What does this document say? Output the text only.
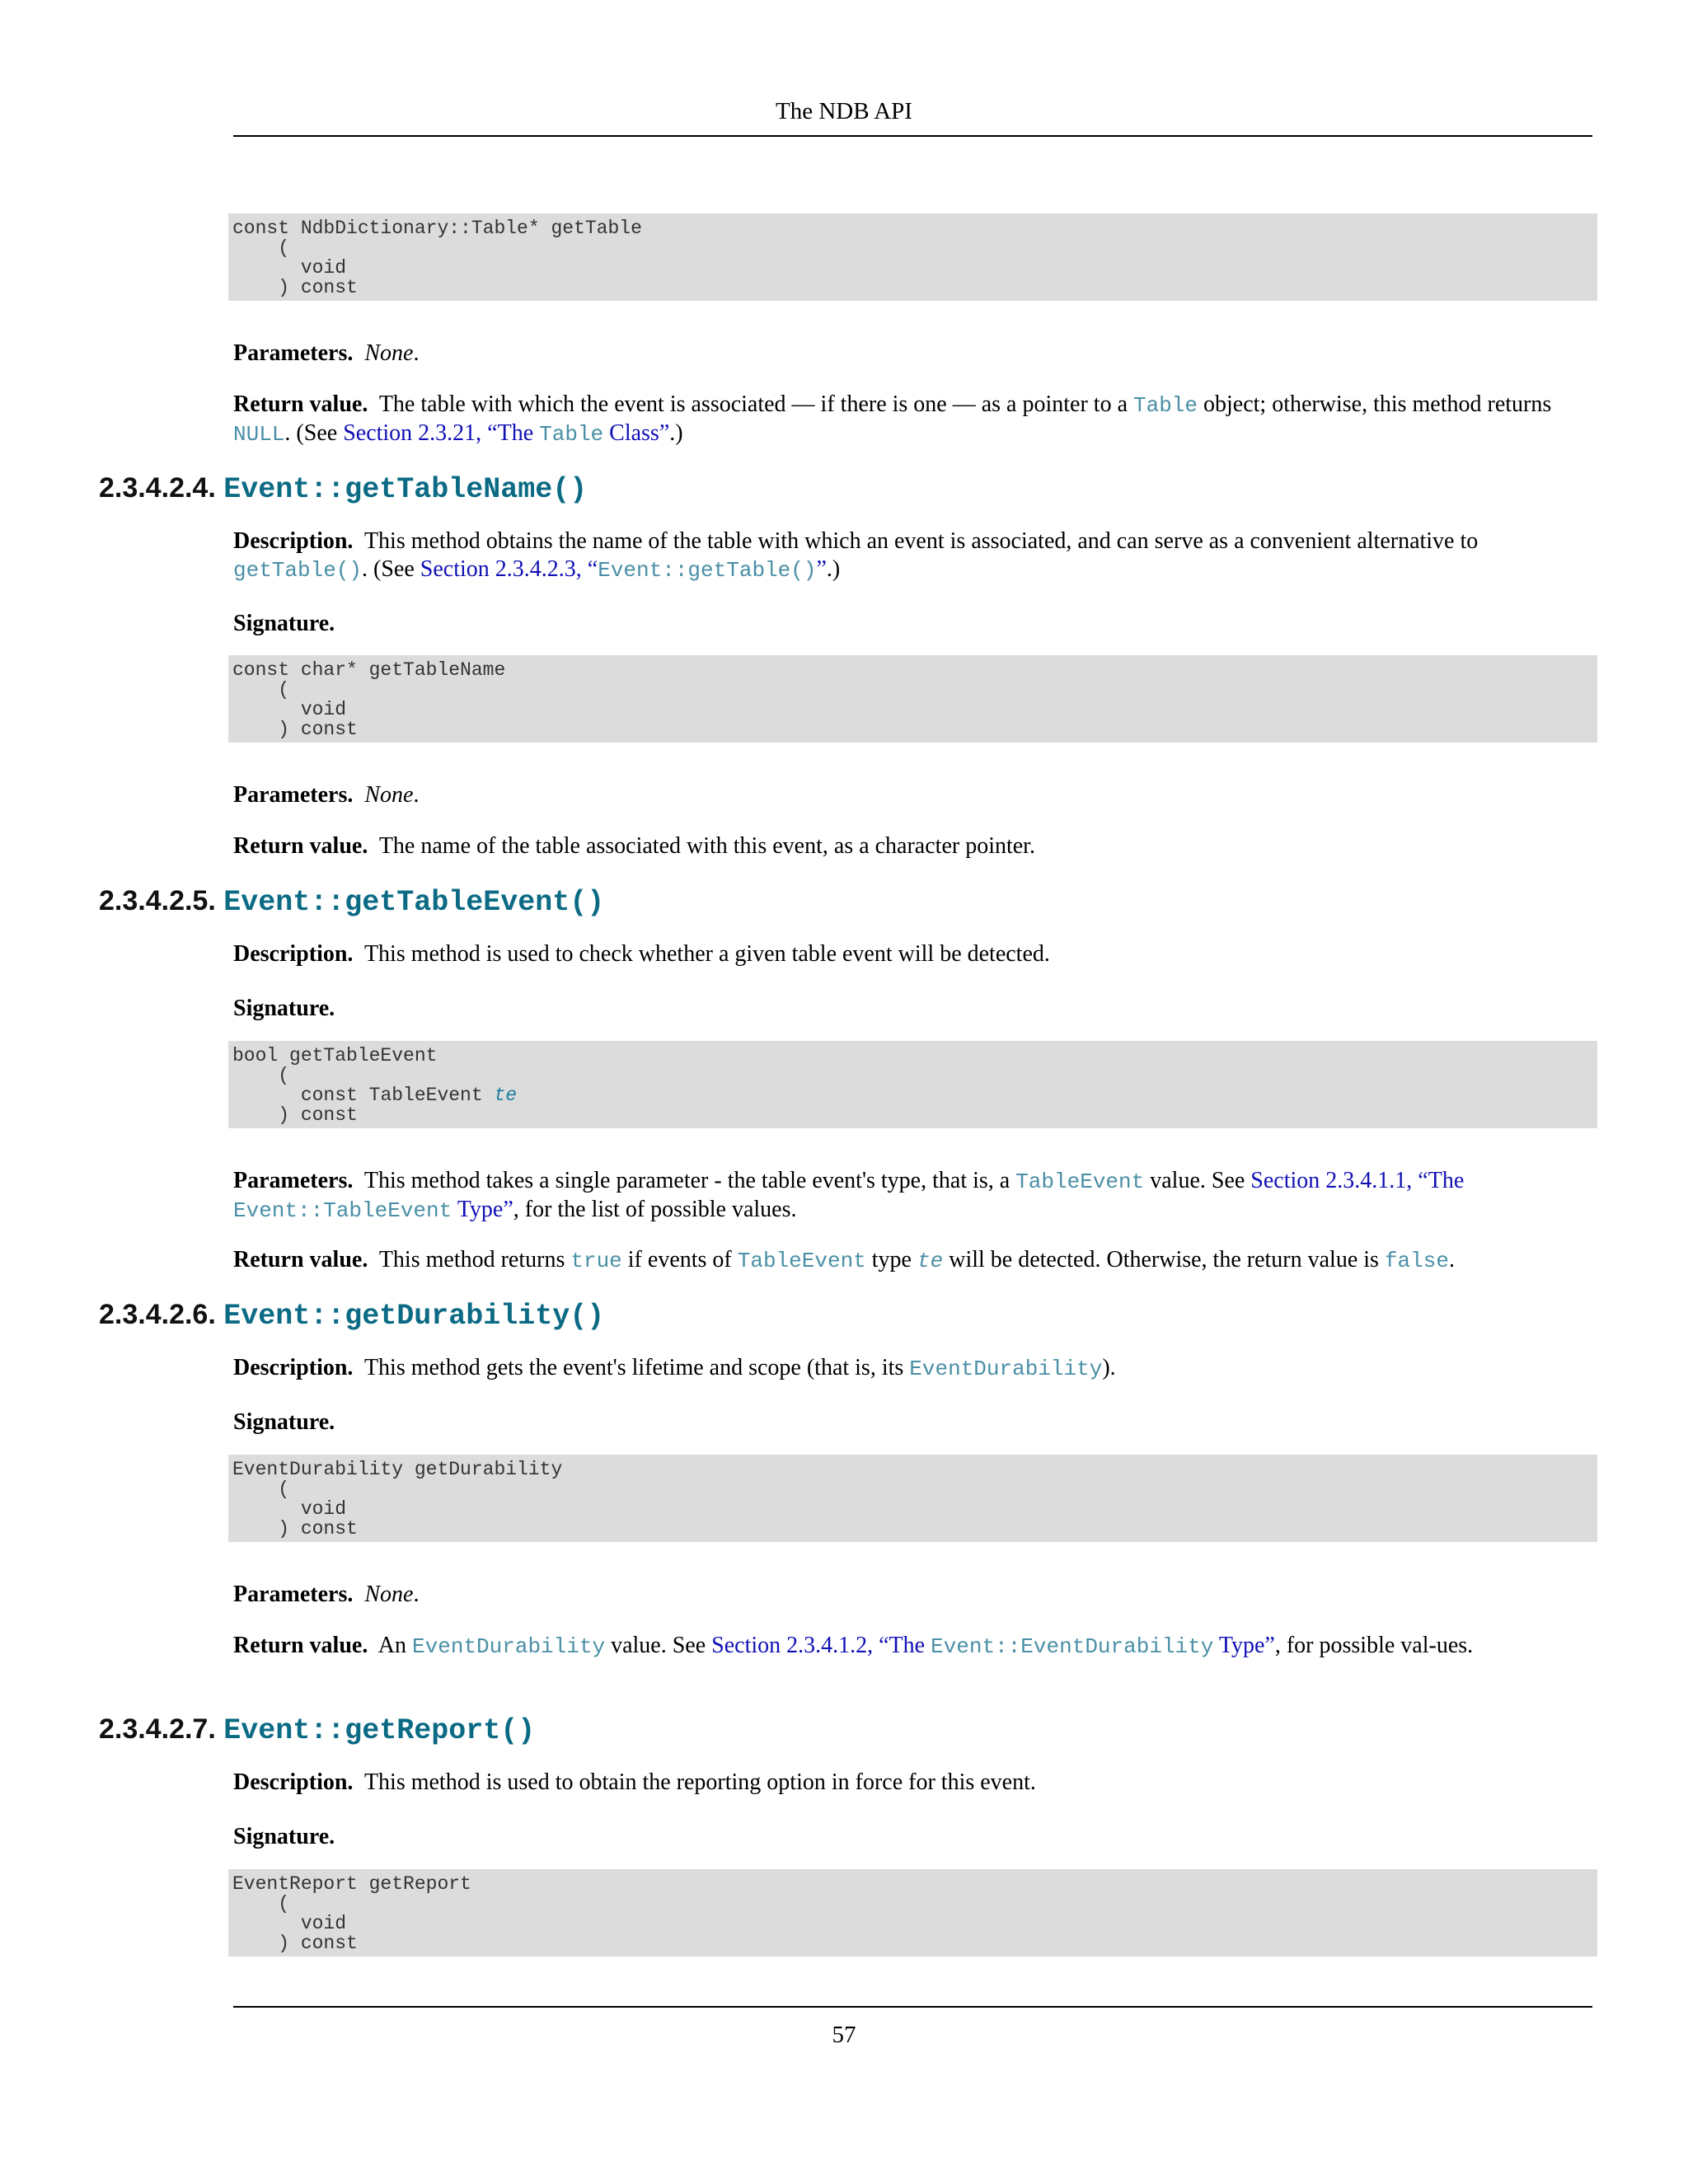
The NDB API
const NdbDictionary::Table* getTable
(
void
) const

Parameters. None.

Return value. The table with which the event is associated — if there is one — as a pointer to a Table object; otherwise, this method returns NULL. (See Section 2.3.21, “The Table Class”.)

2.3.4.2.4. Event::getTableName()

Description. This method obtains the name of the table with which an event is associated, and can serve as a convenient alternative to getTable(). (See Section 2.3.4.2.3, “Event::getTable()”.)

Signature.

const char* getTableName
(
void
) const

Parameters. None.

Return value. The name of the table associated with this event, as a character pointer.

2.3.4.2.5. Event::getTableEvent()

Description. This method is used to check whether a given table event will be detected.

Signature.

bool getTableEvent
(
const TableEvent te
) const

Parameters. This method takes a single parameter - the table event's type, that is, a TableEvent value. See Section 2.3.4.1.1, “The Event::TableEvent Type”, for the list of possible values.

Return value. This method returns true if events of TableEvent type te will be detected. Otherwise, the return value is false.

2.3.4.2.6. Event::getDurability()

Description. This method gets the event's lifetime and scope (that is, its EventDurability).

Signature.

EventDurability getDurability
(
void
) const

Parameters. None.

Return value. An EventDurability value. See Section 2.3.4.1.2, “The Event::EventDurability Type”, for possible val-ues.

2.3.4.2.7. Event::getReport()

Description. This method is used to obtain the reporting option in force for this event.

Signature.

EventReport getReport
(
void
) const
57
